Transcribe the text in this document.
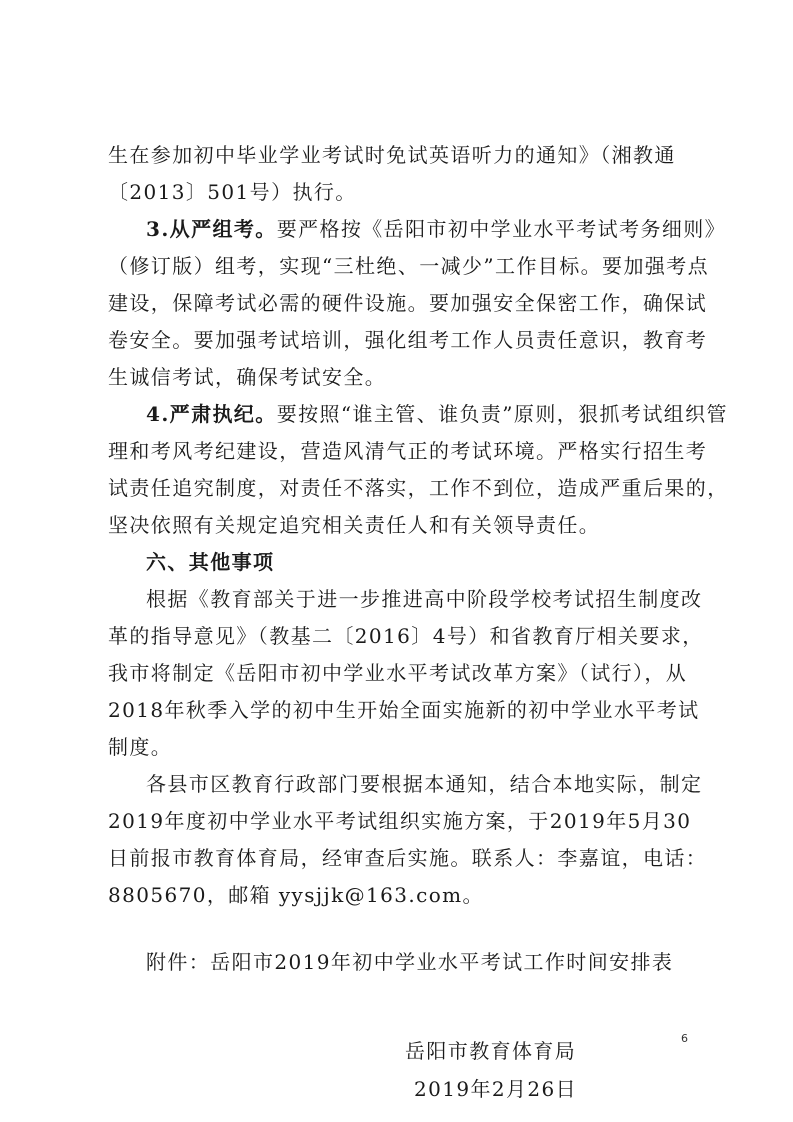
生在参加初中毕业学业考试时免试英语听力的通知》（湘教通
〔2013〕501号）执行。
3.从严组考。要严格按《岳阳市初中学业水平考试考务细则》
（修订版）组考，实现“三杜绝、一减少”工作目标。要加强考点
建设，保障考试必需的硬件设施。要加强安全保密工作，确保试
卷安全。要加强考试培训，强化组考工作人员责任意识，教育考
生诚信考试，确保考试安全。
4.严肃执纪。要按照“谁主管、谁负责”原则，狠抓考试组织管
理和考风考纪建设，营造风清气正的考试环境。严格实行招生考
试责任追究制度，对责任不落实，工作不到位，造成严重后果的，
坚决依照有关规定追究相关责任人和有关领导责任。
六、其他事项
根据《教育部关于进一步推进高中阶段学校考试招生制度改
革的指导意见》（教基二〔2016〕4号）和省教育厅相关要求，
我市将制定《岳阳市初中学业水平考试改革方案》（试行），从
2018年秋季入学的初中生开始全面实施新的初中学业水平考试
制度。
各县市区教育行政部门要根据本通知，结合本地实际，制定
2019年度初中学业水平考试组织实施方案，于2019年5月30
日前报市教育体育局，经审查后实施。联系人：李嘉谊，电话：
8805670，邮箱 yysjjk@163.com。
附件：岳阳市2019年初中学业水平考试工作时间安排表
岳阳市教育体育局
2019年2月26日
6
